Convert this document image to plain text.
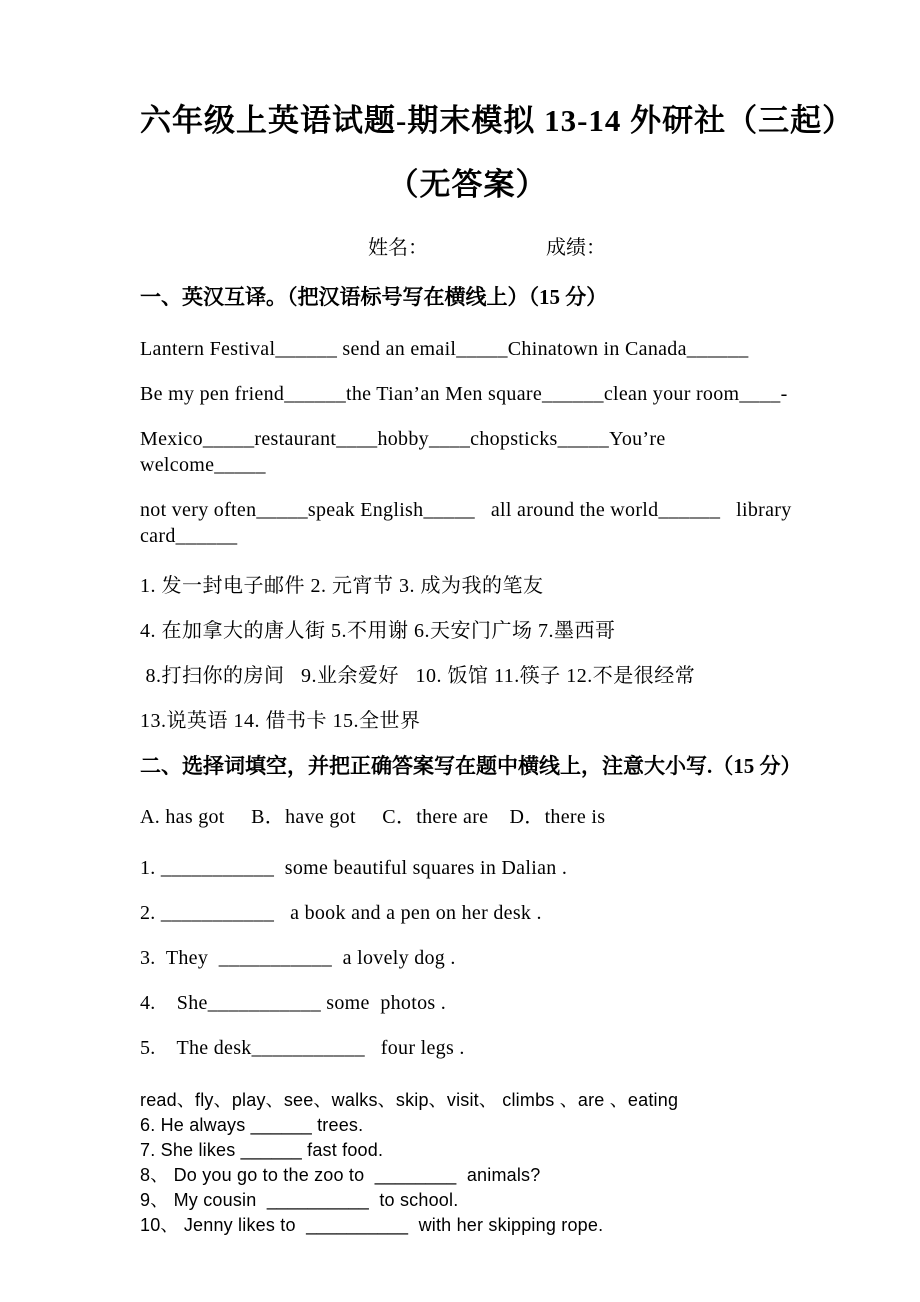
六年级上英语试题-期末模拟 13-14 外研社（三起）

（无答案）

姓名：	成绩：

一、英汉互译。（把汉语标号写在横线上）（15 分）

Lantern Festival______ send an email_____Chinatown in Canada______

Be my pen friend______the Tian’an Men square______clean your room____-

Mexico_____restaurant____hobby____chopsticks_____You’re welcome_____

not very often_____speak English_____   all around the world______   library card______

1. 发一封电子邮件 2. 元宵节 3. 成为我的笔友

4. 在加拿大的唐人街 5.不用谢 6.天安门广场 7.墨西哥

8.打扫你的房间   9.业余爱好   10. 饭馆 11.筷子 12.不是很经常

13.说英语 14. 借书卡 15.全世界

二、选择词填空，并把正确答案写在题中横线上，注意大小写.（15 分）

A. has got     B．have got     C．there are    D．there is

1. ___________  some beautiful squares in Dalian .

2. ___________   a book and a pen on her desk .

3.  They  ___________  a lovely dog .

4.    She___________ some  photos .

5.    The desk___________   four legs .

read、fly、play、see、walks、skip、visit、 climbs 、are 、eating

6. He always ______ trees.

7. She likes ______ fast food.

8、 Do you go to the zoo to  ________  animals?

9、 My cousin  __________  to school.

10、 Jenny likes to  __________  with her skipping rope.
